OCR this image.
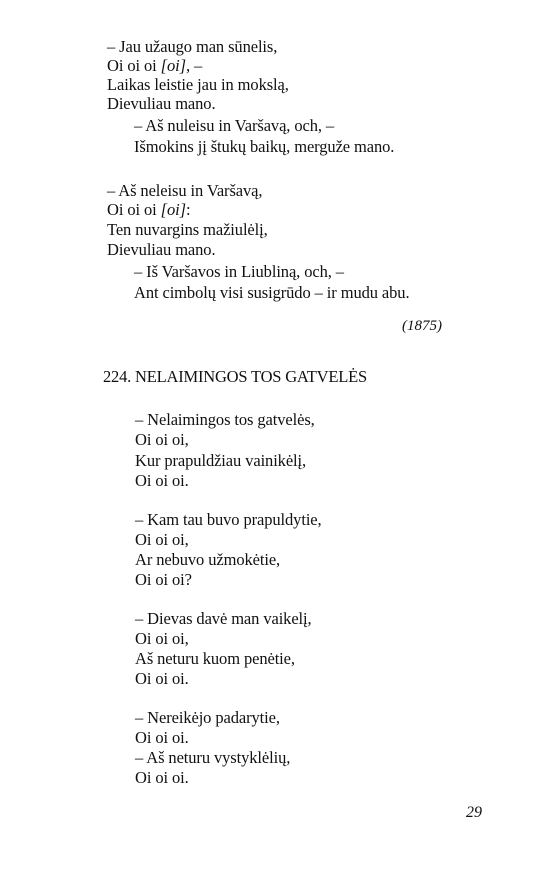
– Jau užaugo man sūnelis,
Oi oi oi [oi], –
Laikas leistie jau in mokslą,
Dievuliau mano.
– Aš nuleisu in Varšavą, och, –
Išmokins jį štukų baikų, merguže mano.
– Aš neleisu in Varšavą,
Oi oi oi [oi]:
Ten nuvargins mažiulėlį,
Dievuliau mano.
– Iš Varšavos in Liubliną, och, –
Ant cimbolų visi susigrūdo – ir mudu abu.
(1875)
224. NELAIMINGOS TOS GATVELĖS
– Nelaimingos tos gatvelės,
Oi oi oi,
Kur prapuldžiau vainikėlį,
Oi oi oi.
– Kam tau buvo prapuldytie,
Oi oi oi,
Ar nebuvo užmokėtie,
Oi oi oi?
– Dievas davė man vaikelį,
Oi oi oi,
Aš neturu kuom penėtie,
Oi oi oi.
– Nereikėjo padarytie,
Oi oi oi.
– Aš neturu vystyklėlių,
Oi oi oi.
29
